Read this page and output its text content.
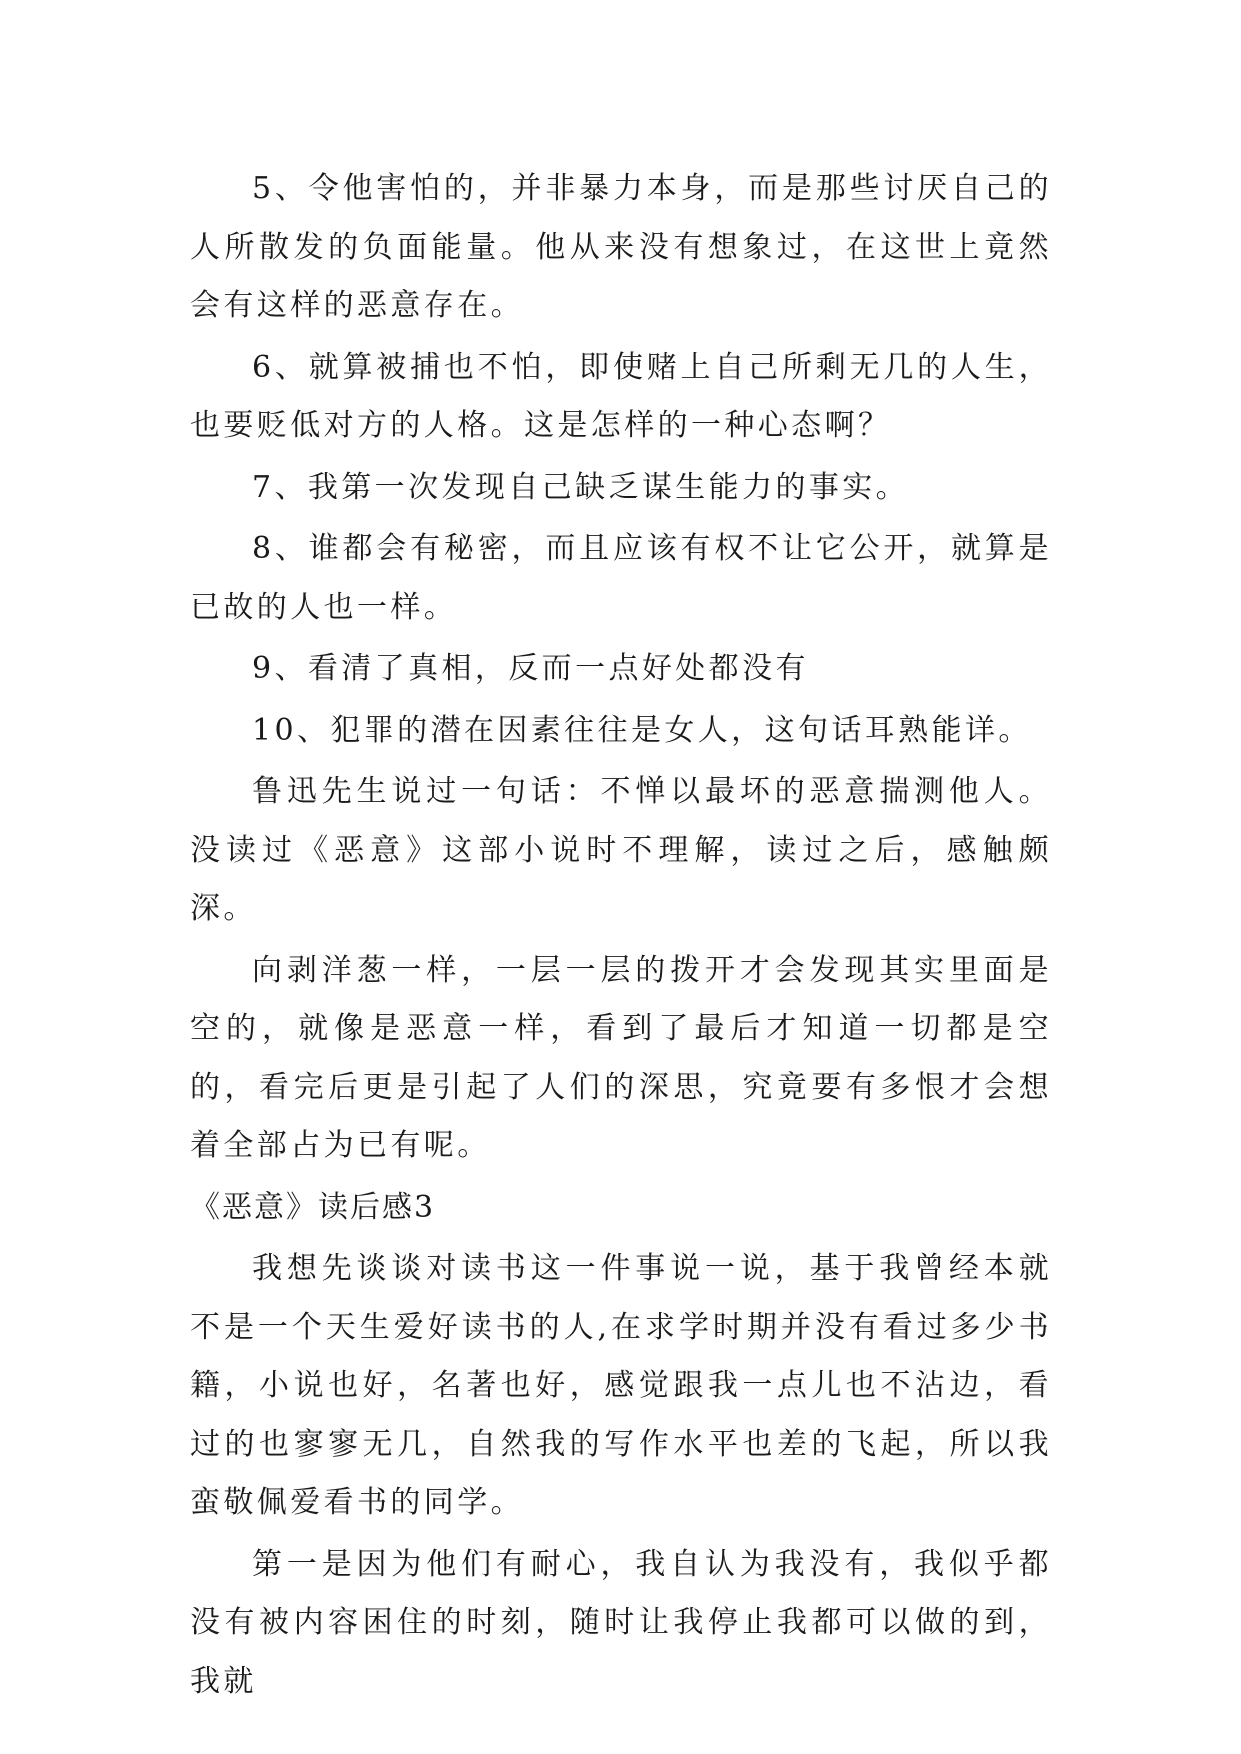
5、令他害怕的，并非暴力本身，而是那些讨厌自己的人所散发的负面能量。他从来没有想象过，在这世上竟然会有这样的恶意存在。

6、就算被捕也不怕，即使赌上自己所剩无几的人生，也要贬低对方的人格。这是怎样的一种心态啊？

7、我第一次发现自己缺乏谋生能力的事实。

8、谁都会有秘密，而且应该有权不让它公开，就算是已故的人也一样。

9、看清了真相，反而一点好处都没有

10、犯罪的潜在因素往往是女人，这句话耳熟能详。

鲁迅先生说过一句话：不惮以最坏的恶意揣测他人。没读过《恶意》这部小说时不理解，读过之后，感触颇深。

向剥洋葱一样，一层一层的拨开才会发现其实里面是空的，就像是恶意一样，看到了最后才知道一切都是空的，看完后更是引起了人们的深思，究竟要有多恨才会想着全部占为已有呢。

《恶意》读后感3

我想先谈谈对读书这一件事说一说，基于我曾经本就不是一个天生爱好读书的人,在求学时期并没有看过多少书籍，小说也好，名著也好，感觉跟我一点儿也不沾边，看过的也寥寥无几，自然我的写作水平也差的飞起，所以我蛮敬佩爱看书的同学。

第一是因为他们有耐心，我自认为我没有，我似乎都没有被内容困住的时刻，随时让我停止我都可以做的到，我就
